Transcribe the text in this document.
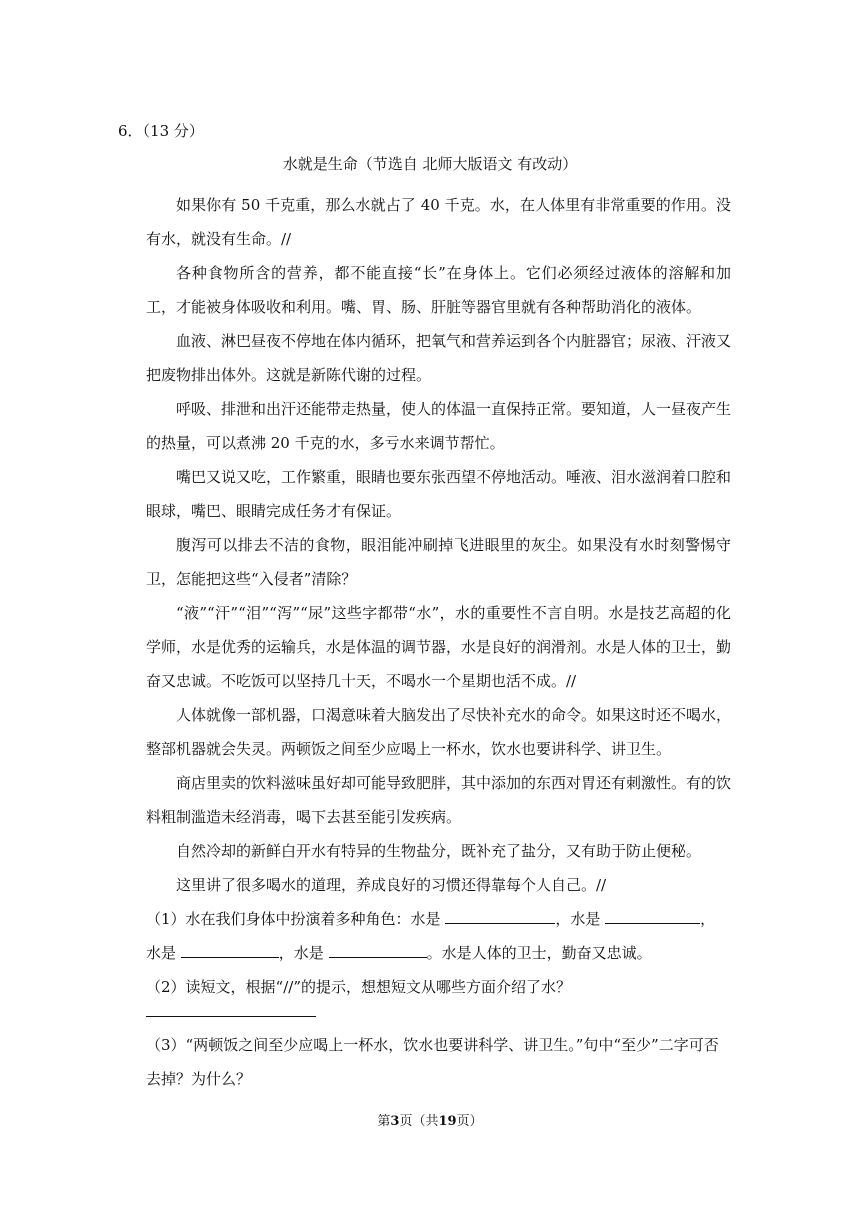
6．（13 分）
水就是生命（节选自 北师大版语文 有改动）

如果你有 50 千克重，那么水就占了 40 千克。水，在人体里有非常重要的作用。没有水，就没有生命。//

各种食物所含的营养，都不能直接“长”在身体上。它们必须经过液体的溶解和加工，才能被身体吸收和利用。嘴、胃、肠、肝脏等器官里就有各种帮助消化的液体。

血液、淋巴昼夜不停地在体内循环，把氧气和营养运到各个内脏器官；尿液、汗液又把废物排出体外。这就是新陈代谢的过程。

呼吸、排泄和出汗还能带走热量，使人的体温一直保持正常。要知道，人一昼夜产生的热量，可以煮沸 20 千克的水，多亏水来调节帮忙。

嘴巴又说又吃，工作繁重，眼睛也要东张西望不停地活动。唾液、泪水滋润着口腔和眼球，嘴巴、眼睛完成任务才有保证。

腹泻可以排去不洁的食物，眼泪能冲刷掉飞进眼里的灰尘。如果没有水时刻警惕守卫，怎能把这些“入侵者”清除？

“液”“汗”“泪”“泻”“尿”这些字都带“水”，水的重要性不言自明。水是技艺高超的化学师，水是优秀的运输兵，水是体温的调节器，水是良好的润滑剂。水是人体的卫士，勤奋又忠诚。不吃饭可以坚持几十天，不喝水一个星期也活不成。//

人体就像一部机器，口渴意味着大脑发出了尽快补充水的命令。如果这时还不喝水，整部机器就会失灵。两顿饭之间至少应喝上一杯水，饮水也要讲科学、讲卫生。

商店里卖的饮料滋味虽好却可能导致肥胖，其中添加的东西对胃还有刺激性。有的饮料粗制滥造未经消毒，喝下去甚至能引发疾病。

自然冷却的新鲜白开水有特异的生物盐分，既补充了盐分，又有助于防止便秘。

这里讲了很多喝水的道理，养成良好的习惯还得靠每个人自己。//

（1）水在我们身体中扮演着多种角色：水是	，水是	，
水是	，水是	。水是人体的卫士，勤奋又忠诚。

（2）读短文，根据“//”的提示，想想短文从哪些方面介绍了水？

（3）“两顿饭之间至少应喝上一杯水，饮水也要讲科学、讲卫生。”句中“至少”二字可否去掉？为什么？
第3页（共19页）
